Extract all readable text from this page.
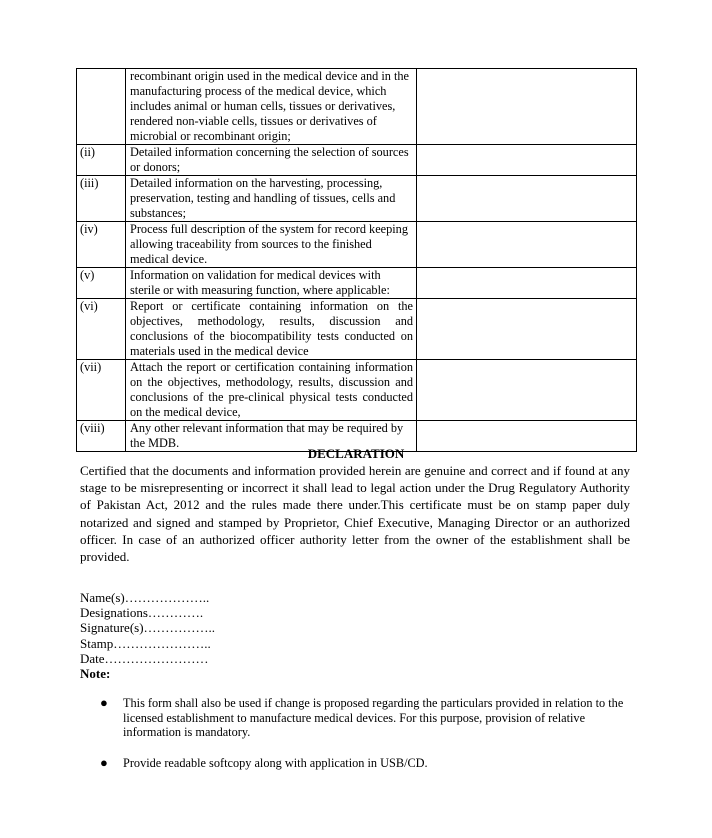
	recombinant origin used in the medical device and in the manufacturing process of the medical device, which includes animal or human cells, tissues or derivatives, rendered non-viable cells, tissues or derivatives of microbial or recombinant origin;	
(ii)	Detailed information concerning the selection of sources or donors;	
(iii)	Detailed information on the harvesting, processing, preservation, testing and handling of tissues, cells and substances;	
(iv)	Process full description of the system for record keeping allowing traceability from sources to the finished medical device.	
(v)	Information on validation for medical devices with sterile or with measuring function, where applicable:	
(vi)	Report or certificate containing information on the objectives, methodology, results, discussion and conclusions of the biocompatibility tests conducted on materials used in the medical device	
(vii)	Attach the report or certification containing information on the objectives, methodology, results, discussion and conclusions of the pre-clinical physical tests conducted on the medical device,	
(viii)	Any other relevant information that may be required by the MDB.	
DECLARATION

Certified that the documents and information provided herein are genuine and correct and if found at any stage to be misrepresenting or incorrect it shall lead to legal action under the Drug Regulatory Authority of Pakistan Act, 2012 and the rules made there under.This certificate must be on stamp paper duly notarized and signed and stamped by Proprietor, Chief Executive, Managing Director or an authorized officer. In case of an authorized officer authority letter from the owner of the establishment shall be provided.

Name(s)………………..
Designations………….
Signature(s)……………..
Stamp…………………..
Date……………………
Note:
● This form shall also be used if change is proposed regarding the particulars provided in relation to the licensed establishment to manufacture medical devices. For this purpose, provision of relative information is mandatory.
● Provide readable softcopy along with application in USB/CD.
